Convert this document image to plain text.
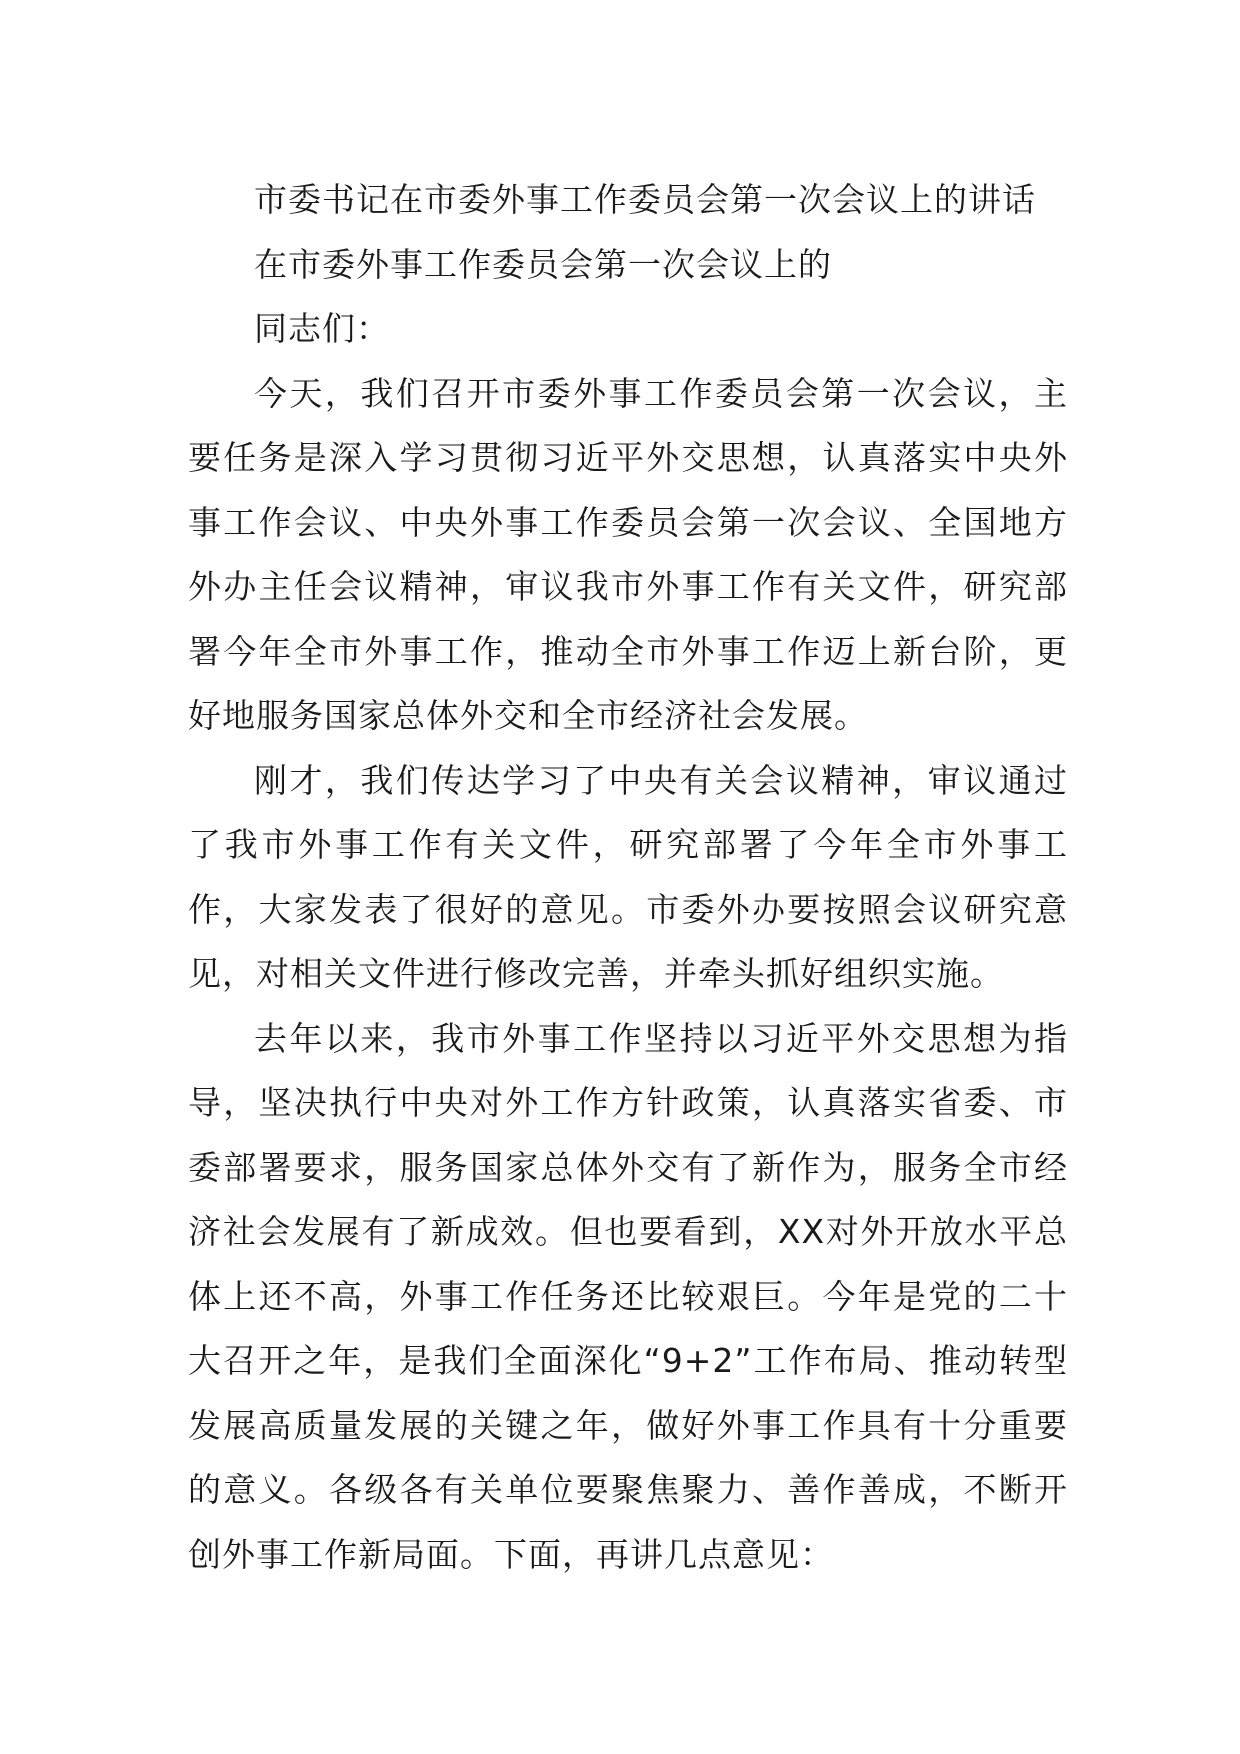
市委书记在市委外事工作委员会第一次会议上的讲话

在市委外事工作委员会第一次会议上的

同志们：

今天，我们召开市委外事工作委员会第一次会议，主要任务是深入学习贯彻习近平外交思想，认真落实中央外事工作会议、中央外事工作委员会第一次会议、全国地方外办主任会议精神，审议我市外事工作有关文件，研究部署今年全市外事工作，推动全市外事工作迈上新台阶，更好地服务国家总体外交和全市经济社会发展。

刚才，我们传达学习了中央有关会议精神，审议通过了我市外事工作有关文件，研究部署了今年全市外事工作，大家发表了很好的意见。市委外办要按照会议研究意见，对相关文件进行修改完善，并牵头抓好组织实施。

去年以来，我市外事工作坚持以习近平外交思想为指导，坚决执行中央对外工作方针政策，认真落实省委、市委部署要求，服务国家总体外交有了新作为，服务全市经济社会发展有了新成效。但也要看到，XX对外开放水平总体上还不高，外事工作任务还比较艰巨。今年是党的二十大召开之年，是我们全面深化“9+2”工作布局、推动转型发展高质量发展的关键之年，做好外事工作具有十分重要的意义。各级各有关单位要聚焦聚力、善作善成，不断开创外事工作新局面。下面，再讲几点意见：
